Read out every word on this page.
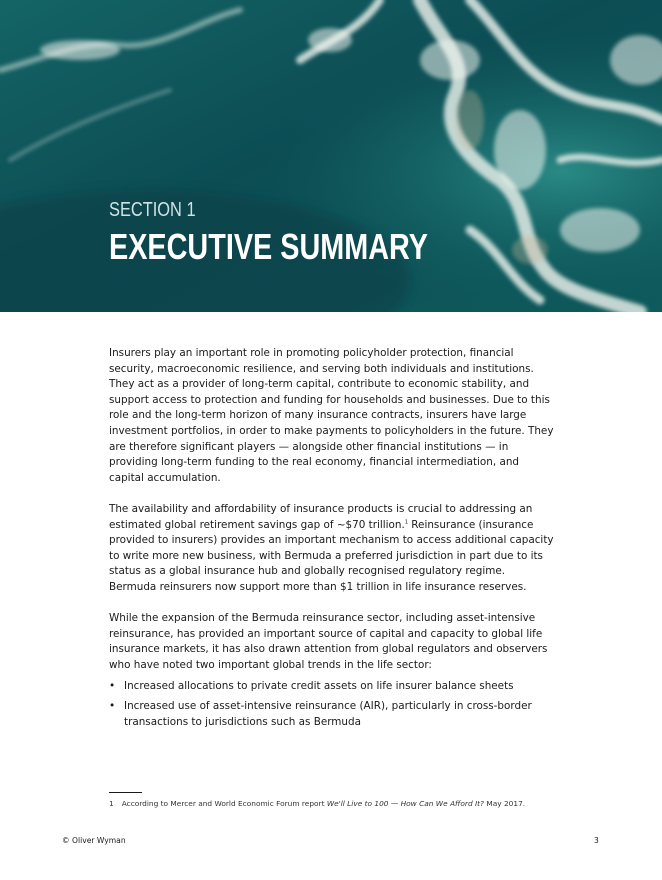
SECTION 1
EXECUTIVE SUMMARY

Insurers play an important role in promoting policyholder protection, financial security, macroeconomic resilience, and serving both individuals and institutions. They act as a provider of long-term capital, contribute to economic stability, and support access to protection and funding for households and businesses. Due to this role and the long-term horizon of many insurance contracts, insurers have large investment portfolios, in order to make payments to policyholders in the future. They are therefore significant players — alongside other financial institutions — in providing long-term funding to the real economy, financial intermediation, and capital accumulation.

The availability and affordability of insurance products is crucial to addressing an estimated global retirement savings gap of ~$70 trillion.$^1$ Reinsurance (insurance provided to insurers) provides an important mechanism to access additional capacity to write more new business, with Bermuda a preferred jurisdiction in part due to its status as a global insurance hub and globally recognised regulatory regime. Bermuda reinsurers now support more than $1 trillion in life insurance reserves.

While the expansion of the Bermuda reinsurance sector, including asset-intensive reinsurance, has provided an important source of capital and capacity to global life insurance markets, it has also drawn attention from global regulators and observers who have noted two important global trends in the life sector:

• Increased allocations to private credit assets on life insurer balance sheets
• Increased use of asset-intensive reinsurance (AIR), particularly in cross-border transactions to jurisdictions such as Bermuda
1 According to Mercer and World Economic Forum report We'll Live to 100 — How Can We Afford It? May 2017.
© Oliver Wyman	3
